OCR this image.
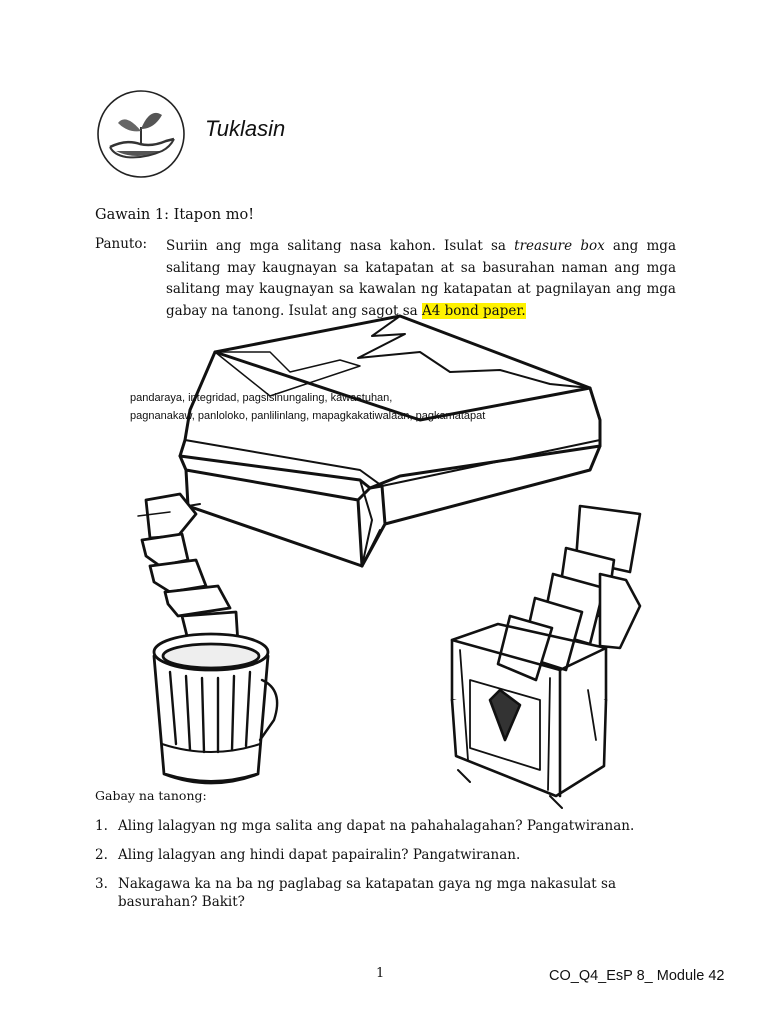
Tuklasin
Gawain 1: Itapon mo!
Panuto: Suriin ang mga salitang nasa kahon. Isulat sa treasure box ang mga salitang may kaugnayan sa katapatan at sa basurahan naman ang mga salitang may kaugnayan sa kawalan ng katapatan at pagnilayan ang mga gabay na tanong. Isulat ang sagot sa A4 bond paper.
pandaraya, integridad, pagsisinungaling, kawastuhan,
pagnanakaw, panloloko, panlilinlang, mapagkakatiwalaan, pagkamatapat
Gabay na tanong:
1. Aling lalagyan ng mga salita ang dapat na pahahalagahan? Pangatwiranan.
2. Aling lalagyan ang hindi dapat papairalin? Pangatwiranan.
3. Nakagawa ka na ba ng paglabag sa katapatan gaya ng mga nakasulat sa basurahan? Bakit?
1	CO_Q4_EsP 8_ Module 42
